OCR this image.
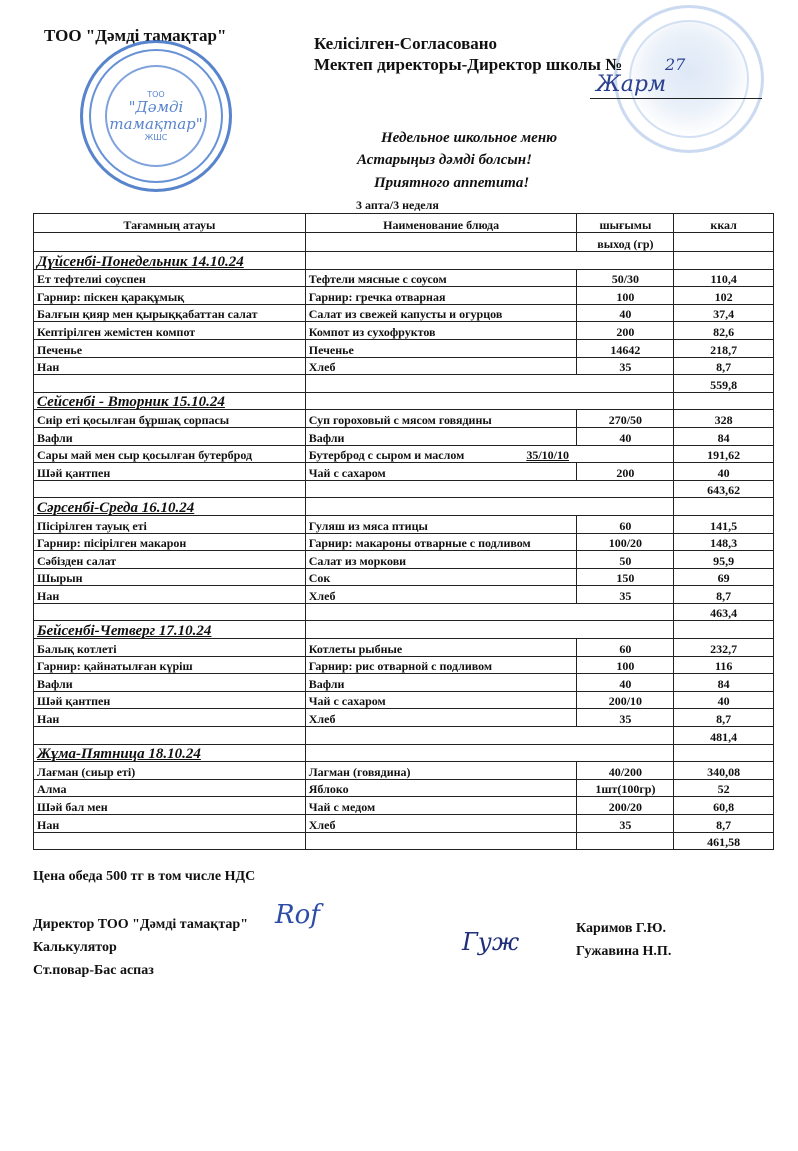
ТОО "Дәмді тамақтар"
ТОО
"Дәмді
тамақтар"
ЖШС
Келісілген-Согласовано
Мектеп директоры-Директор школы №	27
Жарм
Недельное школьное меню
Астарыңыз дәмді болсын!
Приятного аппетита!
3 апта/3 неделя
Тағамның атауы	Наименование блюда	шығымы	ккал
		выход (гр)	
Дүйсенбі-Понедельник 14.10.24			
Ет тефтелиі соуспен	Тефтели мясные с соусом	50/30	110,4
Гарнир: піскен қарақұмық	Гарнир: гречка отварная	100	102
Балғын қияр мен қырыққабаттан салат	Салат из свежей капусты и огурцов	40	37,4
Кептірілген жемістен компот	Компот из сухофруктов	200	82,6
Печенье	Печенье	14642	218,7
Нан	Хлеб	35	8,7
			559,8
Сейсенбі - Вторник 15.10.24			
Сиір еті қосылған бұршақ сорпасы	Суп гороховый с мясом говядины	270/50	328
Вафли	Вафли	40	84
Сары май мен сыр қосылған бутерброд	Бутерброд с сыром и маслом 35/10/10		191,62
Шәй қантпен	Чай с сахаром	200	40
			643,62
Сәрсенбі-Среда 16.10.24			
Пісірілген тауық еті	Гуляш из мяса птицы	60	141,5
Гарнир: пісірілген макарон	Гарнир: макароны отварные с подливом	100/20	148,3
Сәбізден салат	Салат из моркови	50	95,9
Шырын	Сок	150	69
Нан	Хлеб	35	8,7
			463,4
Бейсенбі-Четверг 17.10.24			
Балық котлеті	Котлеты рыбные	60	232,7
Гарнир: қайнатылған күріш	Гарнир: рис отварной с подливом	100	116
Вафли	Вафли	40	84
Шәй қантпен	Чай с сахаром	200/10	40
Нан	Хлеб	35	8,7
			481,4
Жұма-Пятница 18.10.24			
Лағман (сиыр еті)	Лагман (говядина)	40/200	340,08
Алма	Яблоко	1шт(100гр)	52
Шәй бал мен	Чай с медом	200/20	60,8
Нан	Хлеб	35	8,7
			461,58
Цена обеда 500 тг в том числе НДС
Директор ТОО "Дәмді тамақтар"
Калькулятор
Ст.повар-Бас аспаз
Rof
Гуж	Каримов Г.Ю.
Гужавина Н.П.
